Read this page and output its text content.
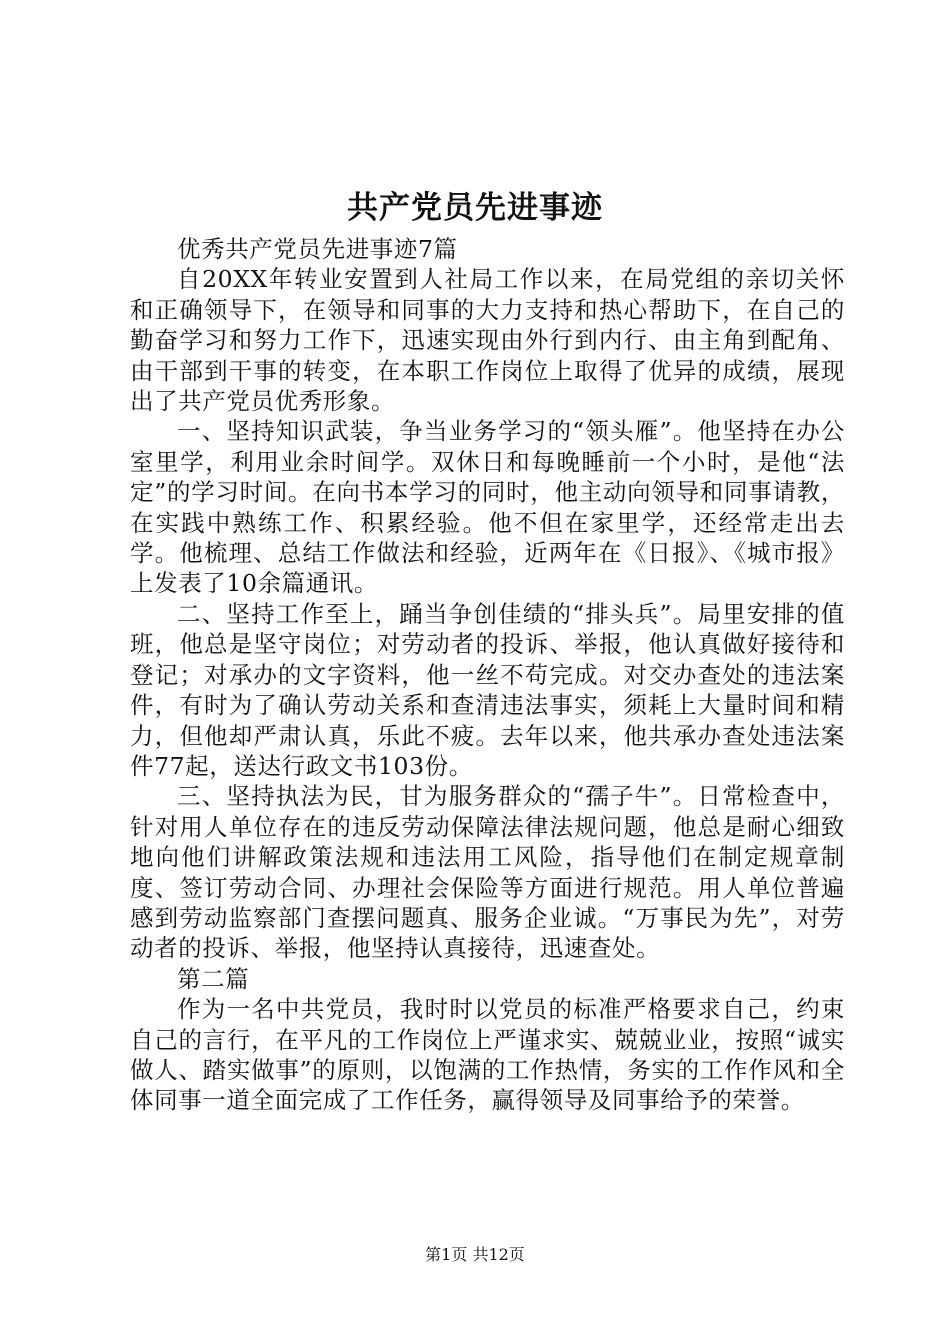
共产党员先进事迹

优秀共产党员先进事迹7篇

自20XX年转业安置到人社局工作以来，在局党组的亲切关怀和正确领导下，在领导和同事的大力支持和热心帮助下，在自己的勤奋学习和努力工作下，迅速实现由外行到内行、由主角到配角、由干部到干事的转变，在本职工作岗位上取得了优异的成绩，展现出了共产党员优秀形象。

一、坚持知识武装，争当业务学习的“领头雁”。他坚持在办公室里学，利用业余时间学。双休日和每晚睡前一个小时，是他“法定”的学习时间。在向书本学习的同时，他主动向领导和同事请教，在实践中熟练工作、积累经验。他不但在家里学，还经常走出去学。他梳理、总结工作做法和经验，近两年在《日报》、《城市报》上发表了10余篇通讯。

二、坚持工作至上，踊当争创佳绩的“排头兵”。局里安排的值班，他总是坚守岗位；对劳动者的投诉、举报，他认真做好接待和登记；对承办的文字资料，他一丝不苟完成。对交办查处的违法案件，有时为了确认劳动关系和查清违法事实，须耗上大量时间和精力，但他却严肃认真，乐此不疲。去年以来，他共承办查处违法案件77起，送达行政文书103份。

三、坚持执法为民，甘为服务群众的“孺子牛”。日常检查中，针对用人单位存在的违反劳动保障法律法规问题，他总是耐心细致地向他们讲解政策法规和违法用工风险，指导他们在制定规章制度、签订劳动合同、办理社会保险等方面进行规范。用人单位普遍感到劳动监察部门查摆问题真、服务企业诚。“万事民为先”，对劳动者的投诉、举报，他坚持认真接待，迅速查处。

第二篇

作为一名中共党员，我时时以党员的标准严格要求自己，约束自己的言行，在平凡的工作岗位上严谨求实、兢兢业业，按照“诚实做人、踏实做事”的原则，以饱满的工作热情，务实的工作作风和全体同事一道全面完成了工作任务，赢得领导及同事给予的荣誉。

第1页 共12页
